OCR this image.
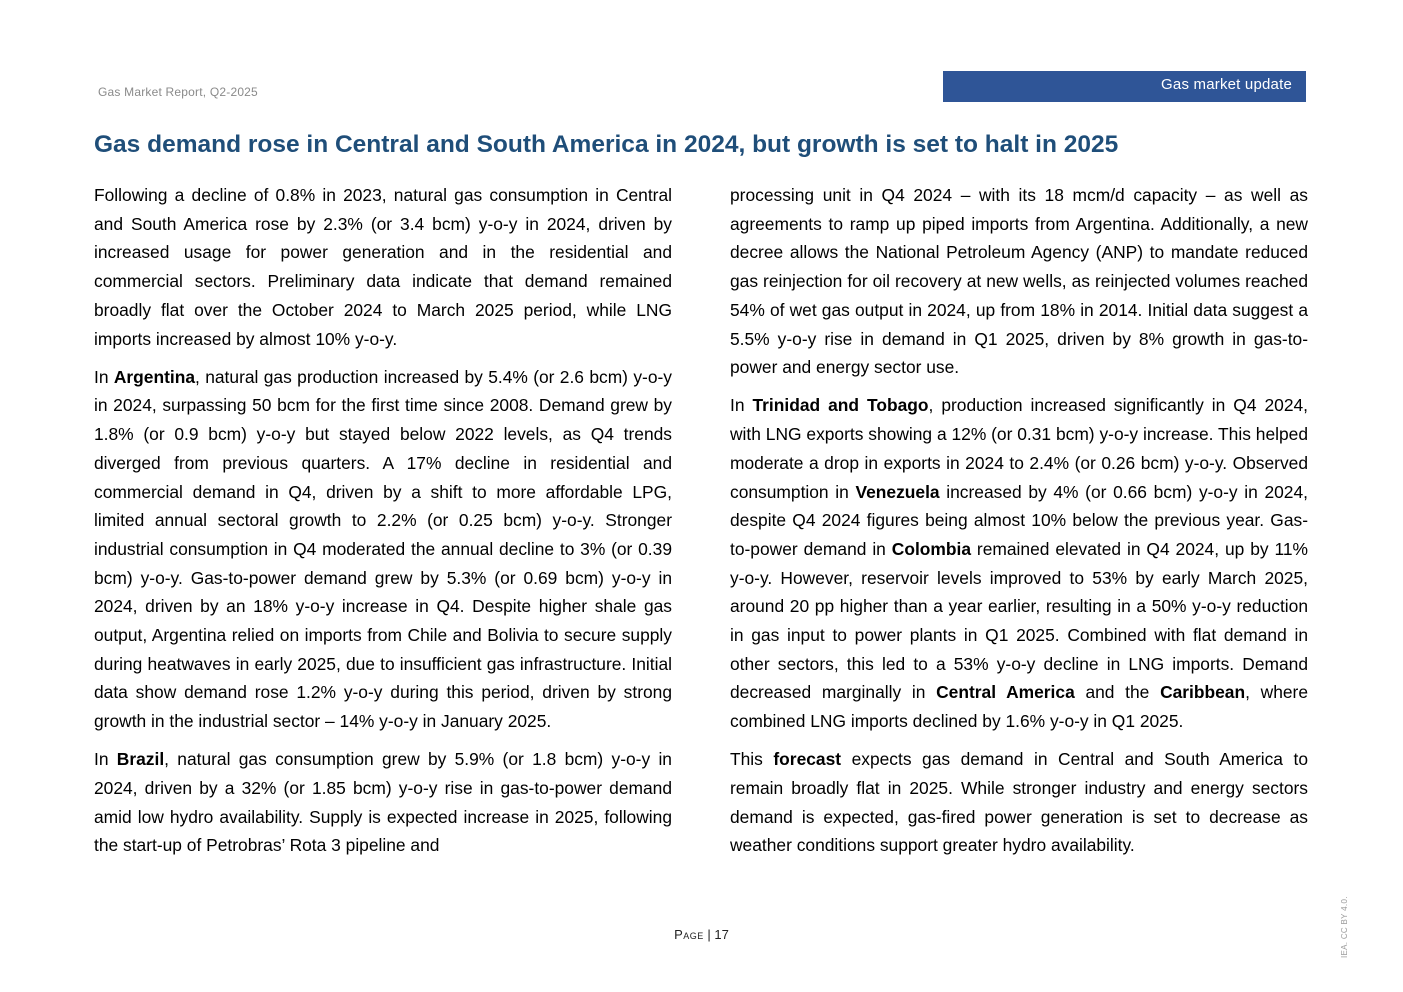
Gas Market Report, Q2-2025	Gas market update
Gas demand rose in Central and South America in 2024, but growth is set to halt in 2025

Following a decline of 0.8% in 2023, natural gas consumption in Central and South America rose by 2.3% (or 3.4 bcm) y-o-y in 2024, driven by increased usage for power generation and in the residential and commercial sectors. Preliminary data indicate that demand remained broadly flat over the October 2024 to March 2025 period, while LNG imports increased by almost 10% y-o-y.

In Argentina, natural gas production increased by 5.4% (or 2.6 bcm) y-o-y in 2024, surpassing 50 bcm for the first time since 2008. Demand grew by 1.8% (or 0.9 bcm) y-o-y but stayed below 2022 levels, as Q4 trends diverged from previous quarters. A 17% decline in residential and commercial demand in Q4, driven by a shift to more affordable LPG, limited annual sectoral growth to 2.2% (or 0.25 bcm) y-o-y. Stronger industrial consumption in Q4 moderated the annual decline to 3% (or 0.39 bcm) y-o-y. Gas-to-power demand grew by 5.3% (or 0.69 bcm) y-o-y in 2024, driven by an 18% y-o-y increase in Q4. Despite higher shale gas output, Argentina relied on imports from Chile and Bolivia to secure supply during heatwaves in early 2025, due to insufficient gas infrastructure. Initial data show demand rose 1.2% y-o-y during this period, driven by strong growth in the industrial sector – 14% y-o-y in January 2025.

In Brazil, natural gas consumption grew by 5.9% (or 1.8 bcm) y-o-y in 2024, driven by a 32% (or 1.85 bcm) y-o-y rise in gas-to-power demand amid low hydro availability. Supply is expected increase in 2025, following the start-up of Petrobras’ Rota 3 pipeline and

processing unit in Q4 2024 – with its 18 mcm/d capacity – as well as agreements to ramp up piped imports from Argentina. Additionally, a new decree allows the National Petroleum Agency (ANP) to mandate reduced gas reinjection for oil recovery at new wells, as reinjected volumes reached 54% of wet gas output in 2024, up from 18% in 2014. Initial data suggest a 5.5% y-o-y rise in demand in Q1 2025, driven by 8% growth in gas-to-power and energy sector use.

In Trinidad and Tobago, production increased significantly in Q4 2024, with LNG exports showing a 12% (or 0.31 bcm) y-o-y increase. This helped moderate a drop in exports in 2024 to 2.4% (or 0.26 bcm) y-o-y. Observed consumption in Venezuela increased by 4% (or 0.66 bcm) y-o-y in 2024, despite Q4 2024 figures being almost 10% below the previous year. Gas-to-power demand in Colombia remained elevated in Q4 2024, up by 11% y-o-y. However, reservoir levels improved to 53% by early March 2025, around 20 pp higher than a year earlier, resulting in a 50% y-o-y reduction in gas input to power plants in Q1 2025. Combined with flat demand in other sectors, this led to a 53% y-o-y decline in LNG imports. Demand decreased marginally in Central America and the Caribbean, where combined LNG imports declined by 1.6% y-o-y in Q1 2025.

This forecast expects gas demand in Central and South America to remain broadly flat in 2025. While stronger industry and energy sectors demand is expected, gas-fired power generation is set to decrease as weather conditions support greater hydro availability.

Page | 17	IEA. CC BY 4.0.
